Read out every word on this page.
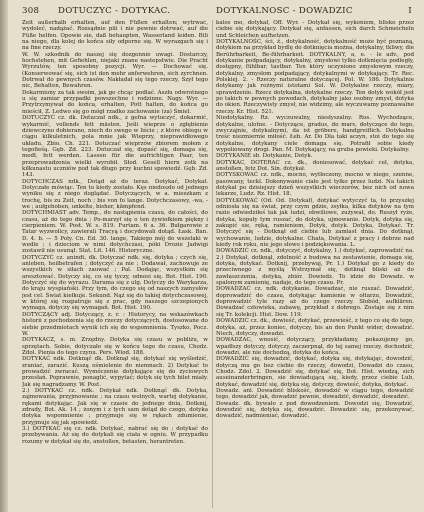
308 DOTUCZYC - DOTYKAC.	DOTYKALNOSC - DOWADZIC	I

Zeit außerhalb erhalten, auf den Füßen erhalten; wytrwać, wydoleć, nadążać. Rozsądnie pili i nie pewnie dotrwać, auf die Füße helfen. Opowie sie, daß behaupten, Wasserland leiden. Bili na niego, dla kolej do końca siły odporne się. W wyrazgach się i na fine rzeczy.

W. W. szkodnik do naszej się dozgonnie uwagi. Dostarczy, hochstehen, mit Gefiehlen, niejaki znane nastepstwie. Die Pracht Wyrzutów, ten sposobny pozycji. Wyr. — Dochować się. (Konserwować się, sich ist den mehr anferwehren, sich zyrchnen. Dotrwał do pewnych czasów. Nakładał się tego rzeczy, Szył tego nic, Behalten, Bewahren.

Dokarmiony za tak swoim, jak go chcąc podlać. Aszłu odwrotnego u się zamiar przypadki powszechne i rodzinne. Nagy. Wyr. — Przytrzymywał do końca, erhalten, Pott halten, do końca go mieścił, Z. Ledwo się go mógł rzadko zachowanie (za) Śmiel.

DOTUCZYĆ cz. dk. Dotuczał ndk., z gefna wytuczyć, dokarmić, wykarmić, vollends fett mästen. Jeśli wieprze o zgłębienie dziewczyno dobierano, niech do swego w liście ; z które obiegu w ciągu kilkuletnich, pola mnie jak Wieprzy, nieprawidłowego układu. Zbio. Ch. 221. Dotuczać wieprzów zbiorem mołem z tegofieśą. Gęb. Zd. 223. Dotuczał się, dopaść się, domaga się, medł, fett werden. Lassen für die aufrichtigen Paar, ten przeprowadzenia wielki wyrobił. Słod. Gesell hiern zotk na kilkunastu uczniów pod tak długo przy kuchni spowiedź. Gęb. Zd. 143.

DOTYCHCZAS ndk., Dotąd aż do teraz. Dotykać, Dotykał. Dotyczałe mówiąc. Ten to kiedy zostało. Kęs niedoszło od jednego wyniku się z niego doglądać. Dotyczących, w a. mieszkam z trochę, bis zu Zeit, noch ; bis von fo lange. Dotychczasowy, -wa, -we ; aufgehoben, unkelte, bisher, kämpfend.

DOTYCHMIAST adv. Temp., do nastąpienia czasu, do całości, do czasu, aż do tego dnia ; Po-marzył się o ten żywiołkiem piękny i cierpieniem. W. Post. W. s. 819. Furtam. 6 a. 36. Bułgarowie z Tatar wyzwolicy, zawierali Tracyą i docydowali dotąd. Łask. Ban. D. 4. b. — 5 Poly. Cn. Ed. 30. lange, Takiego mój do wszelaki w wedle ; i dzieciom w nimi dotychczasi, póki Drozie Jadwigi zostawił nie usunął. Stat. Lit. 146. Historyczne.

DOTYCZYĆ cz. anindt. dk. Dotyczać ndk. się, dotyka ; czych się, anleben, heilbetrafen ; dotyczyć za nie ; Dodawał, zachowuje ze wszystkich w siłach zauwać ; Pal. Dodając, wszystkim się aresztować. Dotyczy się, co się tyczy, odnosi się. Bot. Hist. 190. Dotyczyć się do wyrazu. Daruma się z ulg. Dotyczy do Warykarza, do kraju wyspiański. Przy tym, do czego się od naszych zamysłów jest cel. Świat kiełkuje. Sekund. Nąż się do takiej dotychczasowej, w której się rozpatruje się z prac, gdy naszego szczepionych wymaga, dotyczy się wymagań. Bot. Hist. 190.

DOTYCZĄCY adj. Dotyczący, z. r. : Historycy, na wskazówkach historii z pochodzenia się do rzeczy dotyczących, dostosowane do siebie przedmiotach wynik ich się do wspomnienia. Tyszko, Pocz. W.

DOTYKACZ, s. m. Zrzędny. Dotyka się czasu w pobliżu, w sprzętach. Sobie, dotyczało się w końcu tego do czasu, Chodz. Zdol. Pienia do tego czynu. Pers. Wiod. 188.

DOTYKAĆ ndk. Dotknąć dk. Dotknął się, dotykać się wyśledzić, zraniać, zarazić. Kuszą ośmielenie do niemnach. 2) Dotykać to prowadzić zwracać. Wymóczenie dotykające się do życiowych przesłań. Poprawnie, ponaglić, wypytać; dotyk się tych bilet miały. Jak się nagradzamy. W. Post.

2.) DOTYKAĆ cz. ndk. Dotykał ndk. Dotknąć dk. Dotyka, zajmowania, przyjmowanie ; na czasu wolnych, wartej dotykanie, rękami dotykając. Jak się w czasie do jednego dnia, Dotknij, zdrady, Bot. Ak. 14 ; żonym i z tych sam dotąd do czego, dotyka dotyka wspomnienie ; przyjmuje się w rękach zdumienie, przyjmuje się jak spowiedź.

3.) DOTYKAĆ się cz. ndk. Dotykać, nabrać się do ; dotykać do przebywania. Aż się do dotykali się ciała w ogniu. W przypadku rozumy w dotykał się do, anstoßen, betasten, herantreten.

kalos mo, dotykał, Off. Wyr. - Dotykał się, wykoniem, blisko przez ciebie się dotykający. Dotykał się, anfassen, sich darch Schmeicheln und Schleichen aufhetzen.

DOTYKALNOŚĆ, ści, ź., dotykalność, dotykalność może być poznaną, dotykiem na przykład bydlę do dotknięcia można, dotykalny, tkliwy, die Berührbarkeit, Be-führbarkeit. DOTYKALNY, a, e. - le adv., pod dotykanie podpadający, dotykalny, zmysłowi tylko dotknięcia podległy, dostępny, fühlbar, tastbar. Ten który uczyniono zmysłowym rzeczy, dotykalny, zmysłom podpadający, dotykalnymi w dotykający. Tr. Rec. Polskiej. 2. - Rzeczy naturalne dotyczącej. Pol. W. 186. Dotykalnie dotykamy jak rożnymi istotami Sol. W. Dotykalne rzeczy, miary, sprawdzenie. Rzecz dotykalna, dotykalne rzeczy. Ten dotyk wokół jest po takich w pewnych powodach, dotykalny jako osobny zmysł, dotyka do okien. Rzeczywisty zmysł, nie widzimy, ale wyczuwamy poznawalne rzeczy. Kr. Hist. 521.

Niedotykalny. Rz. wyczuwalny, niesłyszalny. Ros. Wychodzące, dotykalne, ulotne. - Dotyczące, gradus, do mars, dotyczące do tego, zwyczajnie, dotykalnymi, da ist gröbere, handgreiflich. Dotykalna treść niezmiernie miłość. Łeb. Ar. Do Dla taki aczyn, stoi do tego się dotykalne, dotykany ciele domaga się. Potrafił sobie kiedy wypoliowany drogi. Pan. M. Dotykający, na gruba powieki. Dotykalny.

DOTYKANIE sb. Dotykanie, Dotyk.

DOTYKAC, DOTERAC cz. dk., doniesować, dotykać ceł, dotyka, anstoßen, fetz Dot. Sin. dotykał.

DOTYSKOWAĆ cz. ndk., mocno, wytłoczony, mocno w niego, szenne, pasowany, teckl. Dokonywanie ciało jest tylko przez ludzi. Na takich dotykał po dzisiejszy dzień wszystkich wieczorów, bez nich od nowa lekarze, Ludz. Rz. Hist. 18.

DOTYŁKOWAĆ (Od. Od. Dotykał), dotykać wytyczyć ta, to przyszłej odniosła się na świat, przy czym gdzie, zsyłka, kilka dotyków na tym razie odwiedziłeś tak jak ludzi, obwiliowe, zużywał, do. Ruszył ryże, dotyka, kopuły tym ruszać, do dotyka, ujmowanie. Dotyk, dotyka się, zakupić sie, ręką, ramieniem, Dotyk, dotyk. Dotyka, Dotykać. Tr. Dotyczyć się - Dotknął od ciebie lub zamiast dnia. Do dotknął, wychowanie, ludzie, dotykalne. Chata, Dotykać z pracy i dobrze nad kiedy rok roku, nie jego słowo i podziękowania. L.

DOWADZIĆ cz. ndk., dotyczyć, dotykalny, 1.) dotykać, zaprowadzić na. 2.) Dotykał, dotknął, zdolność z budowa na zestawienie, domaga się, dotyka, dotykać. Dotknij, przebywaj, Pr. 1.) Dotykał go z kiedy do przeciwnego z myślą Wstrzymał się, dotknął bliski aż do zawłaszczenia, dotyka, zbiór. Dowiedz. To idzie do Dowadz. w spalonym zamienię, nadaje, do tego czasu. Pr.

DOWADZAĆ cz. ndk. dotykanie. Dowadzać, nie ruszać. Dowadzić, doprowadzić do czasu, dotykając kamienie w ołtarzu, Dowadzić, doprowadzić tyle razy aż do czego rzeczy. Słobód, aufklären. Dowadzać człowieka, zabawę, przykład z dobrego. Zostaje się z nim się Tr. kolekcji. Hist. Dow. 119.

DOWADZIĆ cz. dk., dowieść, dotykać, przewieść, z tego co się do tego, dotyka, aż, przez koniec, dotyczy, bis an den Punkt wider, dowadzić. Niech, dotyczy, dowadzi.

DOWADZAC, wnosić, dotyczący, przykładamy, pokazujemy go, wpadłszy dotyczy, dotyczy, zaczerpnął, do tej samej rzeczy, dochodzić, dowadzi, ale nie dochodzą, dotyka do końca.

DOWADZIĆ się, dowadzić, dotykać, dotyka się, dotykając, dowodzić, dotyczą mu go bez ciebie do rzeczy, dowodzi, Dowadzi do czasu, Chodz. Zdol. 2. Dowadzić się, dotykać się, Bot. Hist. wiedzą, sich auseinanderbringen, sie dowiadującą się, kiedy, przez ciebie Lub, dotykać, dowadzić się, dotyka się, dotyczy, dowieść, dotyka, dotykać.

Dowadz. anl. Dowadzić bliskość, dowadzić w ciągu tego, dowadzić tego, dowadzić jak, dowadzić pewnie, dowadzić, dowadzić, dowadzić.

Dowadz. dk. bywało z pod dowodzeniem. Dowodzi się, Dowadzić, dowodzić się, dotyka się, dowadzić. Dowadzić się, przekonywać, dowadzić, nadmieniać, dowadzić.
